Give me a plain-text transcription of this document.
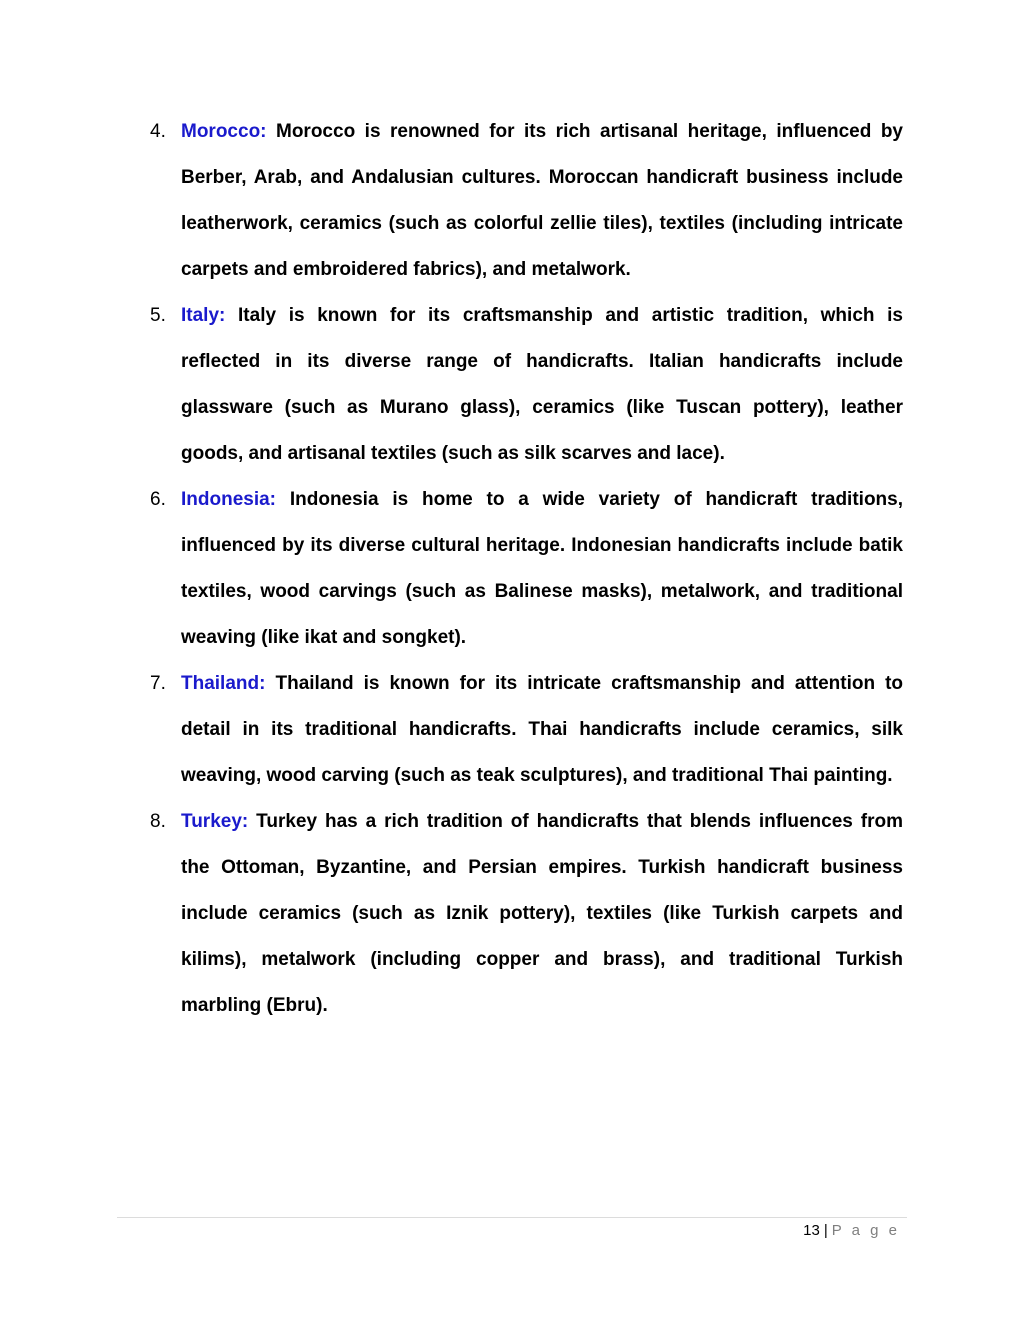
4. Morocco: Morocco is renowned for its rich artisanal heritage, influenced by Berber, Arab, and Andalusian cultures. Moroccan handicraft business include leatherwork, ceramics (such as colorful zellie tiles), textiles (including intricate carpets and embroidered fabrics), and metalwork.
5. Italy: Italy is known for its craftsmanship and artistic tradition, which is reflected in its diverse range of handicrafts. Italian handicrafts include glassware (such as Murano glass), ceramics (like Tuscan pottery), leather goods, and artisanal textiles (such as silk scarves and lace).
6. Indonesia: Indonesia is home to a wide variety of handicraft traditions, influenced by its diverse cultural heritage. Indonesian handicrafts include batik textiles, wood carvings (such as Balinese masks), metalwork, and traditional weaving (like ikat and songket).
7. Thailand: Thailand is known for its intricate craftsmanship and attention to detail in its traditional handicrafts. Thai handicrafts include ceramics, silk weaving, wood carving (such as teak sculptures), and traditional Thai painting.
8. Turkey: Turkey has a rich tradition of handicrafts that blends influences from the Ottoman, Byzantine, and Persian empires. Turkish handicraft business include ceramics (such as Iznik pottery), textiles (like Turkish carpets and kilims), metalwork (including copper and brass), and traditional Turkish marbling (Ebru).
13 | P a g e
